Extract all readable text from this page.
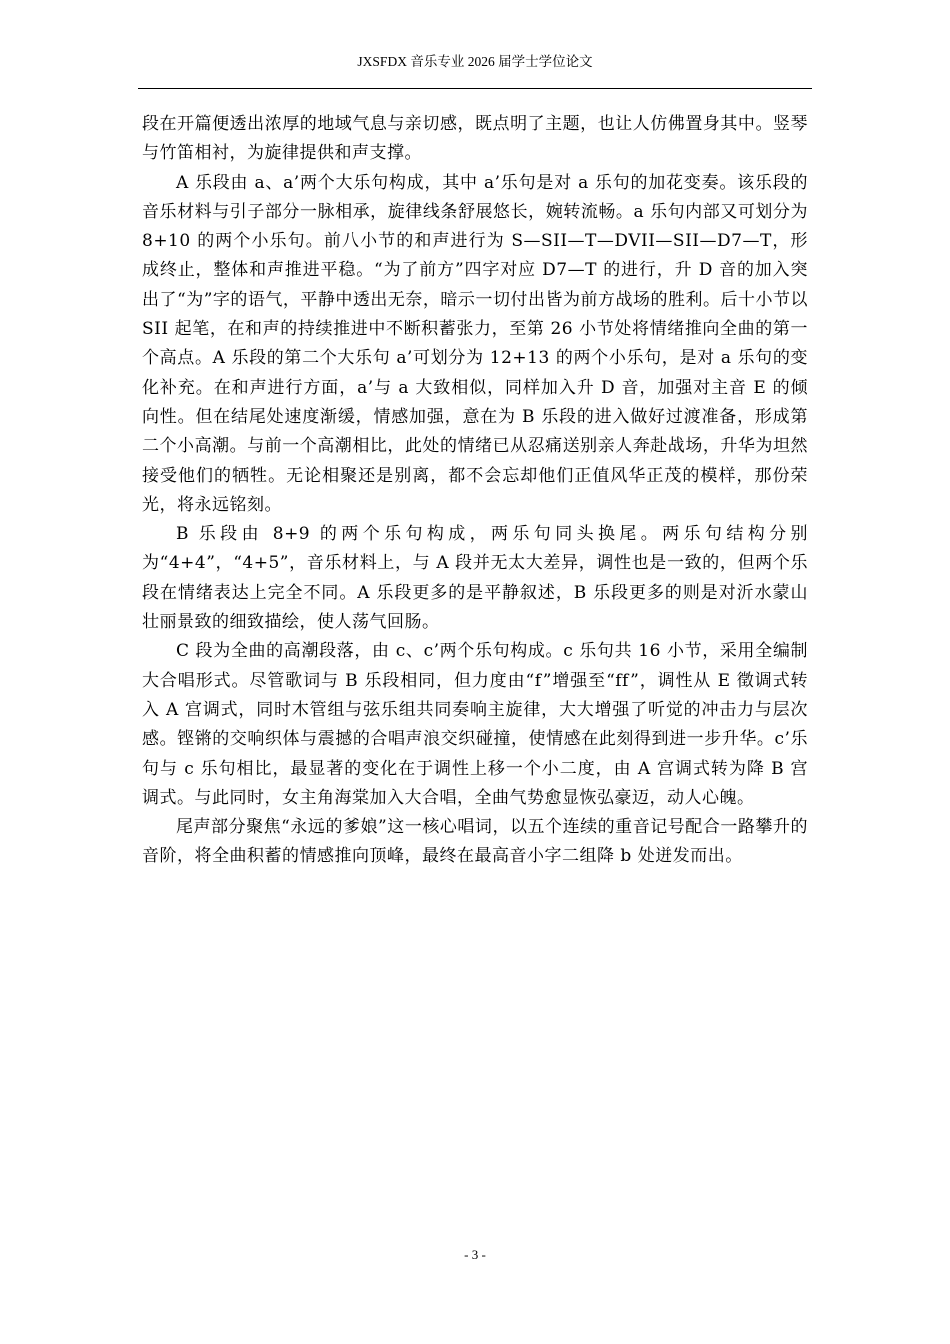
JXSFDX 音乐专业 2026 届学士学位论文

段在开篇便透出浓厚的地域气息与亲切感，既点明了主题，也让人仿佛置身其中。竖琴与竹笛相衬，为旋律提供和声支撑。

A 乐段由 a、a’两个大乐句构成，其中 a’乐句是对 a 乐句的加花变奏。该乐段的音乐材料与引子部分一脉相承，旋律线条舒展悠长，婉转流畅。a 乐句内部又可划分为 8+10 的两个小乐句。前八小节的和声进行为 S—SII—T—DVII—SII—D7—T，形成终止，整体和声推进平稳。“为了前方”四字对应 D7—T 的进行，升 D 音的加入突出了“为”字的语气，平静中透出无奈，暗示一切付出皆为前方战场的胜利。后十小节以 SII 起笔，在和声的持续推进中不断积蓄张力，至第 26 小节处将情绪推向全曲的第一个高点。A 乐段的第二个大乐句 a’可划分为 12+13 的两个小乐句，是对 a 乐句的变化补充。在和声进行方面，a’与 a 大致相似，同样加入升 D 音，加强对主音 E 的倾向性。但在结尾处速度渐缓，情感加强，意在为 B 乐段的进入做好过渡准备，形成第二个小高潮。与前一个高潮相比，此处的情绪已从忍痛送别亲人奔赴战场，升华为坦然接受他们的牺牲。无论相聚还是别离，都不会忘却他们正值风华正茂的模样，那份荣光，将永远铭刻。

B 乐段由 8+9 的两个乐句构成，两乐句同头换尾。两乐句结构分别为“4+4”，“4+5”，音乐材料上，与 A 段并无太大差异，调性也是一致的，但两个乐段在情绪表达上完全不同。A 乐段更多的是平静叙述，B 乐段更多的则是对沂水蒙山壮丽景致的细致描绘，使人荡气回肠。

C 段为全曲的高潮段落，由 c、c’两个乐句构成。c 乐句共 16 小节，采用全编制大合唱形式。尽管歌词与 B 乐段相同，但力度由“f”增强至“ff”，调性从 E 徵调式转入 A 宫调式，同时木管组与弦乐组共同奏响主旋律，大大增强了听觉的冲击力与层次感。铿锵的交响织体与震撼的合唱声浪交织碰撞，使情感在此刻得到进一步升华。c’乐句与 c 乐句相比，最显著的变化在于调性上移一个小二度，由 A 宫调式转为降 B 宫调式。与此同时，女主角海棠加入大合唱，全曲气势愈显恢弘豪迈，动人心魄。

尾声部分聚焦“永远的爹娘”这一核心唱词，以五个连续的重音记号配合一路攀升的音阶，将全曲积蓄的情感推向顶峰，最终在最高音小字二组降 b 处迸发而出。

- 3 -
